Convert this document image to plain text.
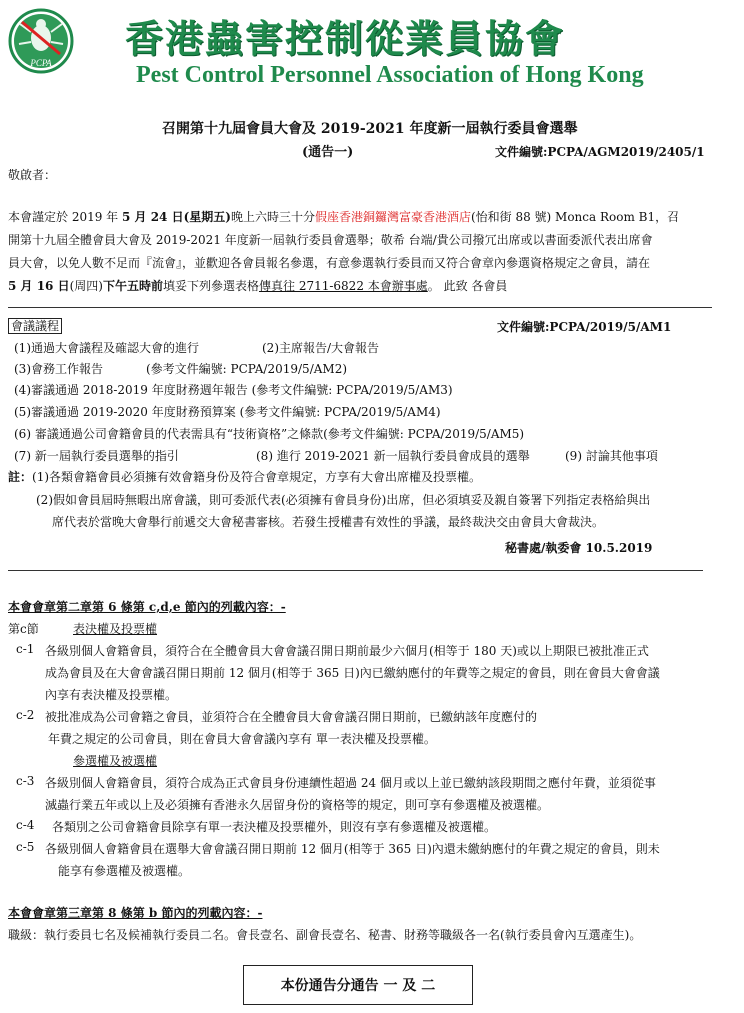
PCPA
香港蟲害控制從業員協會
Pest Control Personnel Association of Hong Kong
召開第十九屆會員大會及 2019-2021 年度新一屆執行委員會選舉
(通告一)	文件編號:PCPA/AGM2019/2405/1
敬啟者：
本會謹定於 2019 年 5 月 24 日(星期五)晚上六時三十分假座香港銅鑼灣富豪香港酒店(怡和街 88 號) Monca Room B1，召
開第十九屆全體會員大會及 2019-2021 年度新一屆執行委員會選舉；敬希 台端/貴公司撥冗出席或以書面委派代表出席會
員大會，以免人數不足而『流會』，並歡迎各會員報名參選，有意參選執行委員而又符合會章內參選資格規定之會員，請在
5 月 16 日(周四)下午五時前填妥下列參選表格傳真往 2711-6822 本會辦事處。 此致 各會員
會議議程	文件編號:PCPA/2019/5/AM1
(1)通過大會議程及確認大會的進行	(2)主席報告/大會報告
(3)會務工作報告	(參考文件編號: PCPA/2019/5/AM2)
(4)審議通過 2018-2019 年度財務週年報告 (參考文件編號: PCPA/2019/5/AM3)
(5)審議通過 2019-2020 年度財務預算案 (參考文件編號: PCPA/2019/5/AM4)
(6) 審議通過公司會籍會員的代表需具有“技術資格”之條款(參考文件編號: PCPA/2019/5/AM5)
(7) 新一屆執行委員選舉的指引	(8) 進行 2019-2021 新一屆執行委員會成員的選舉	(9) 討論其他事項
註：(1)各類會籍會員必須擁有效會籍身份及符合會章規定，方享有大會出席權及投票權。
(2)假如會員屆時無暇出席會議，則可委派代表(必須擁有會員身份)出席，但必須填妥及親自簽署下列指定表格給與出
席代表於當晚大會舉行前遞交大會秘書審核。若發生授權書有效性的爭議，最終裁決交由會員大會裁決。
秘書處/執委會 10.5.2019
本會會章第二章第 6 條第 c,d,e 節內的列載內容：-
第c節	表決權及投票權
c-1 各級別個人會籍會員，須符合在全體會員大會會議召開日期前最少六個月(相等于 180 天)或以上期限已被批准正式
成為會員及在大會會議召開日期前 12 個月(相等于 365 日)內已繳納應付的年費等之規定的會員，則在會員大會會議
內享有表決權及投票權。
c-2 被批准成為公司會籍之會員，並須符合在全體會員大會會議召開日期前，已繳納該年度應付的
年費之規定的公司會員，則在會員大會會議內享有 單一表決權及投票權。
參選權及被選權
c-3 各級別個人會籍會員，須符合成為正式會員身份連續性超過 24 個月或以上並已繳納該段期間之應付年費，並須從事
滅蟲行業五年或以上及必須擁有香港永久居留身份的資格等的規定，則可享有參選權及被選權。
c-4 各類別之公司會籍會員除享有單一表決權及投票權外，則沒有享有參選權及被選權。
c-5 各級別個人會籍會員在選舉大會會議召開日期前 12 個月(相等于 365 日)內還未繳納應付的年費之規定的會員，則未
能享有參選權及被選權。
本會會章第三章第 8 條第 b 節內的列載內容：-
職級：執行委員七名及候補執行委員二名。會長壹名、副會長壹名、秘書、財務等職級各一名(執行委員會內互選產生)。
本份通告分通告 一 及 二
